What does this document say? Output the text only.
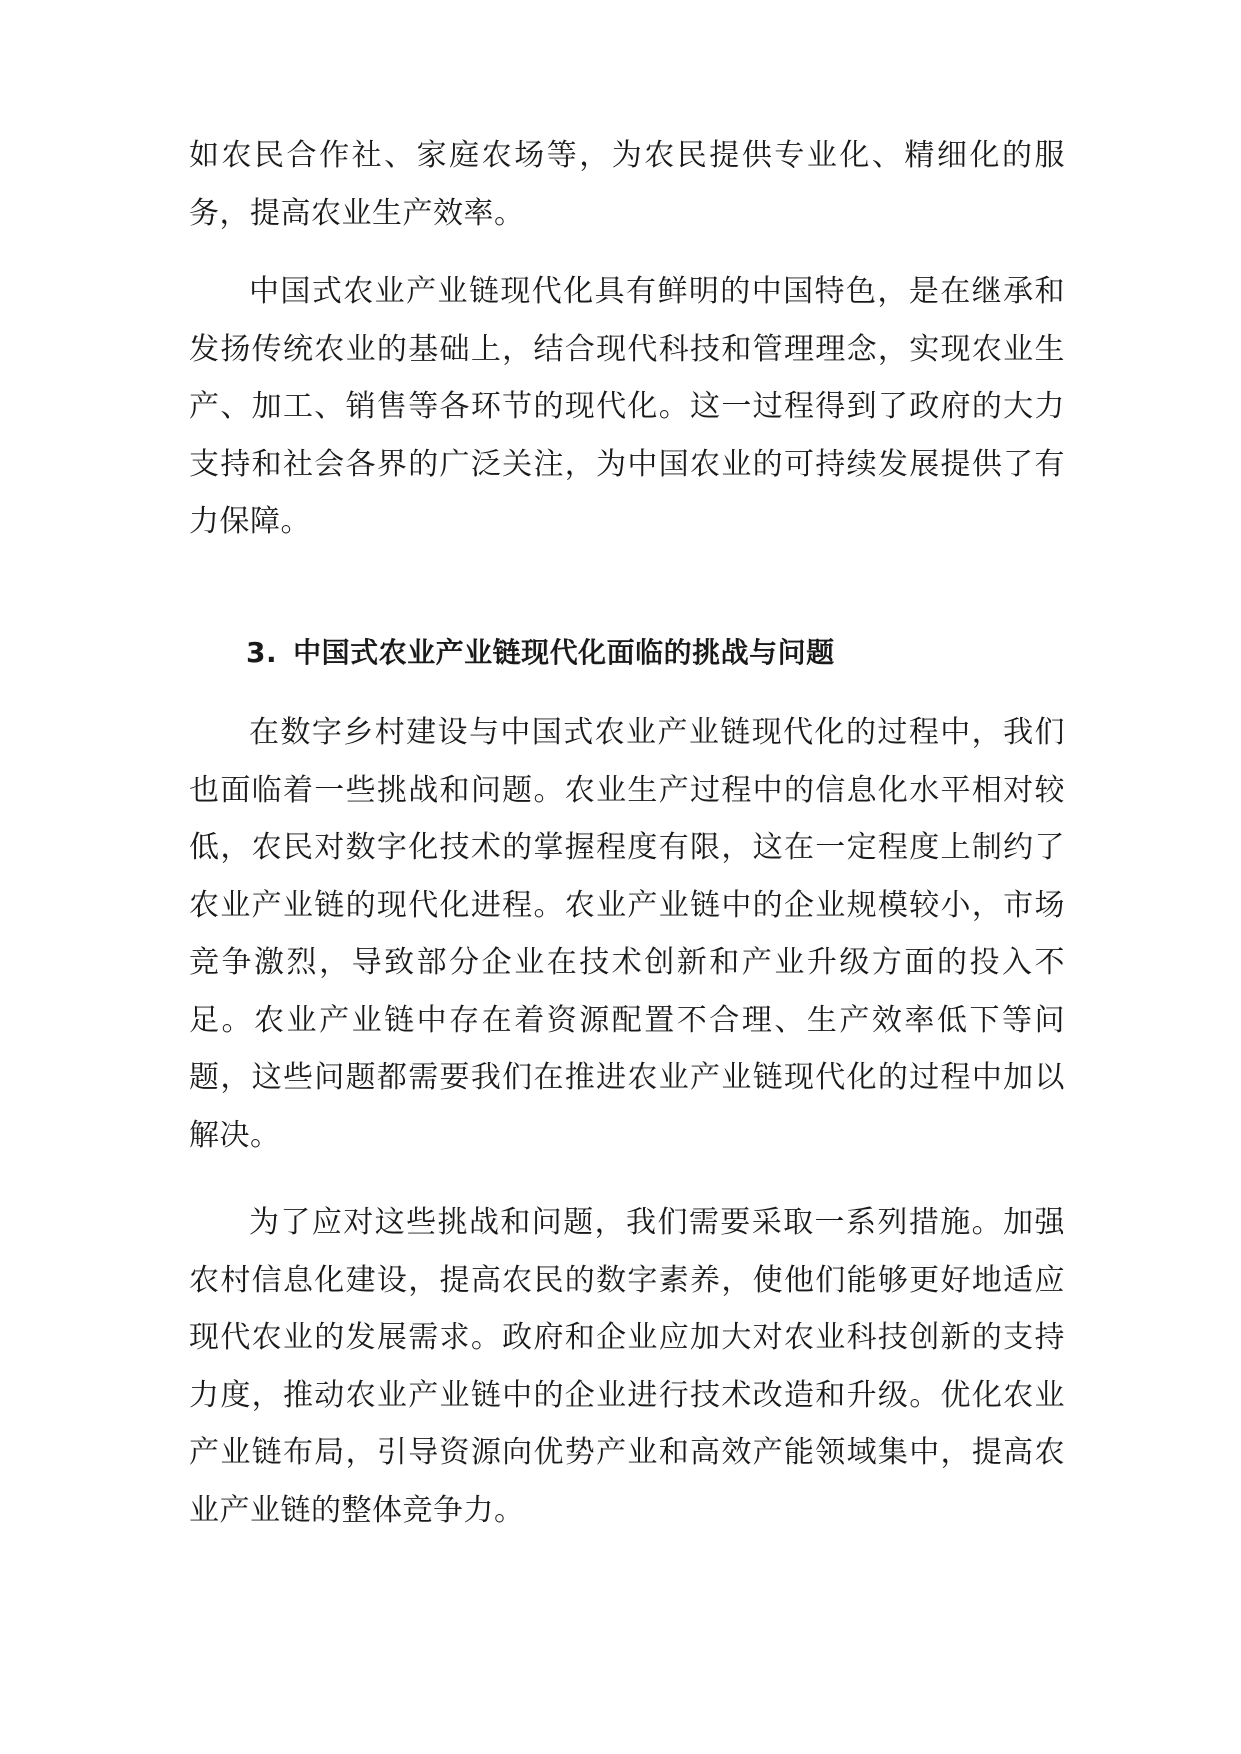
如农民合作社、家庭农场等，为农民提供专业化、精细化的服务，提高农业生产效率。

中国式农业产业链现代化具有鲜明的中国特色，是在继承和发扬传统农业的基础上，结合现代科技和管理理念，实现农业生产、加工、销售等各环节的现代化。这一过程得到了政府的大力支持和社会各界的广泛关注，为中国农业的可持续发展提供了有力保障。

3. 中国式农业产业链现代化面临的挑战与问题

在数字乡村建设与中国式农业产业链现代化的过程中，我们也面临着一些挑战和问题。农业生产过程中的信息化水平相对较低，农民对数字化技术的掌握程度有限，这在一定程度上制约了农业产业链的现代化进程。农业产业链中的企业规模较小，市场竞争激烈，导致部分企业在技术创新和产业升级方面的投入不足。农业产业链中存在着资源配置不合理、生产效率低下等问题，这些问题都需要我们在推进农业产业链现代化的过程中加以解决。

为了应对这些挑战和问题，我们需要采取一系列措施。加强农村信息化建设，提高农民的数字素养，使他们能够更好地适应现代农业的发展需求。政府和企业应加大对农业科技创新的支持力度，推动农业产业链中的企业进行技术改造和升级。优化农业产业链布局，引导资源向优势产业和高效产能领域集中，提高农业产业链的整体竞争力。
